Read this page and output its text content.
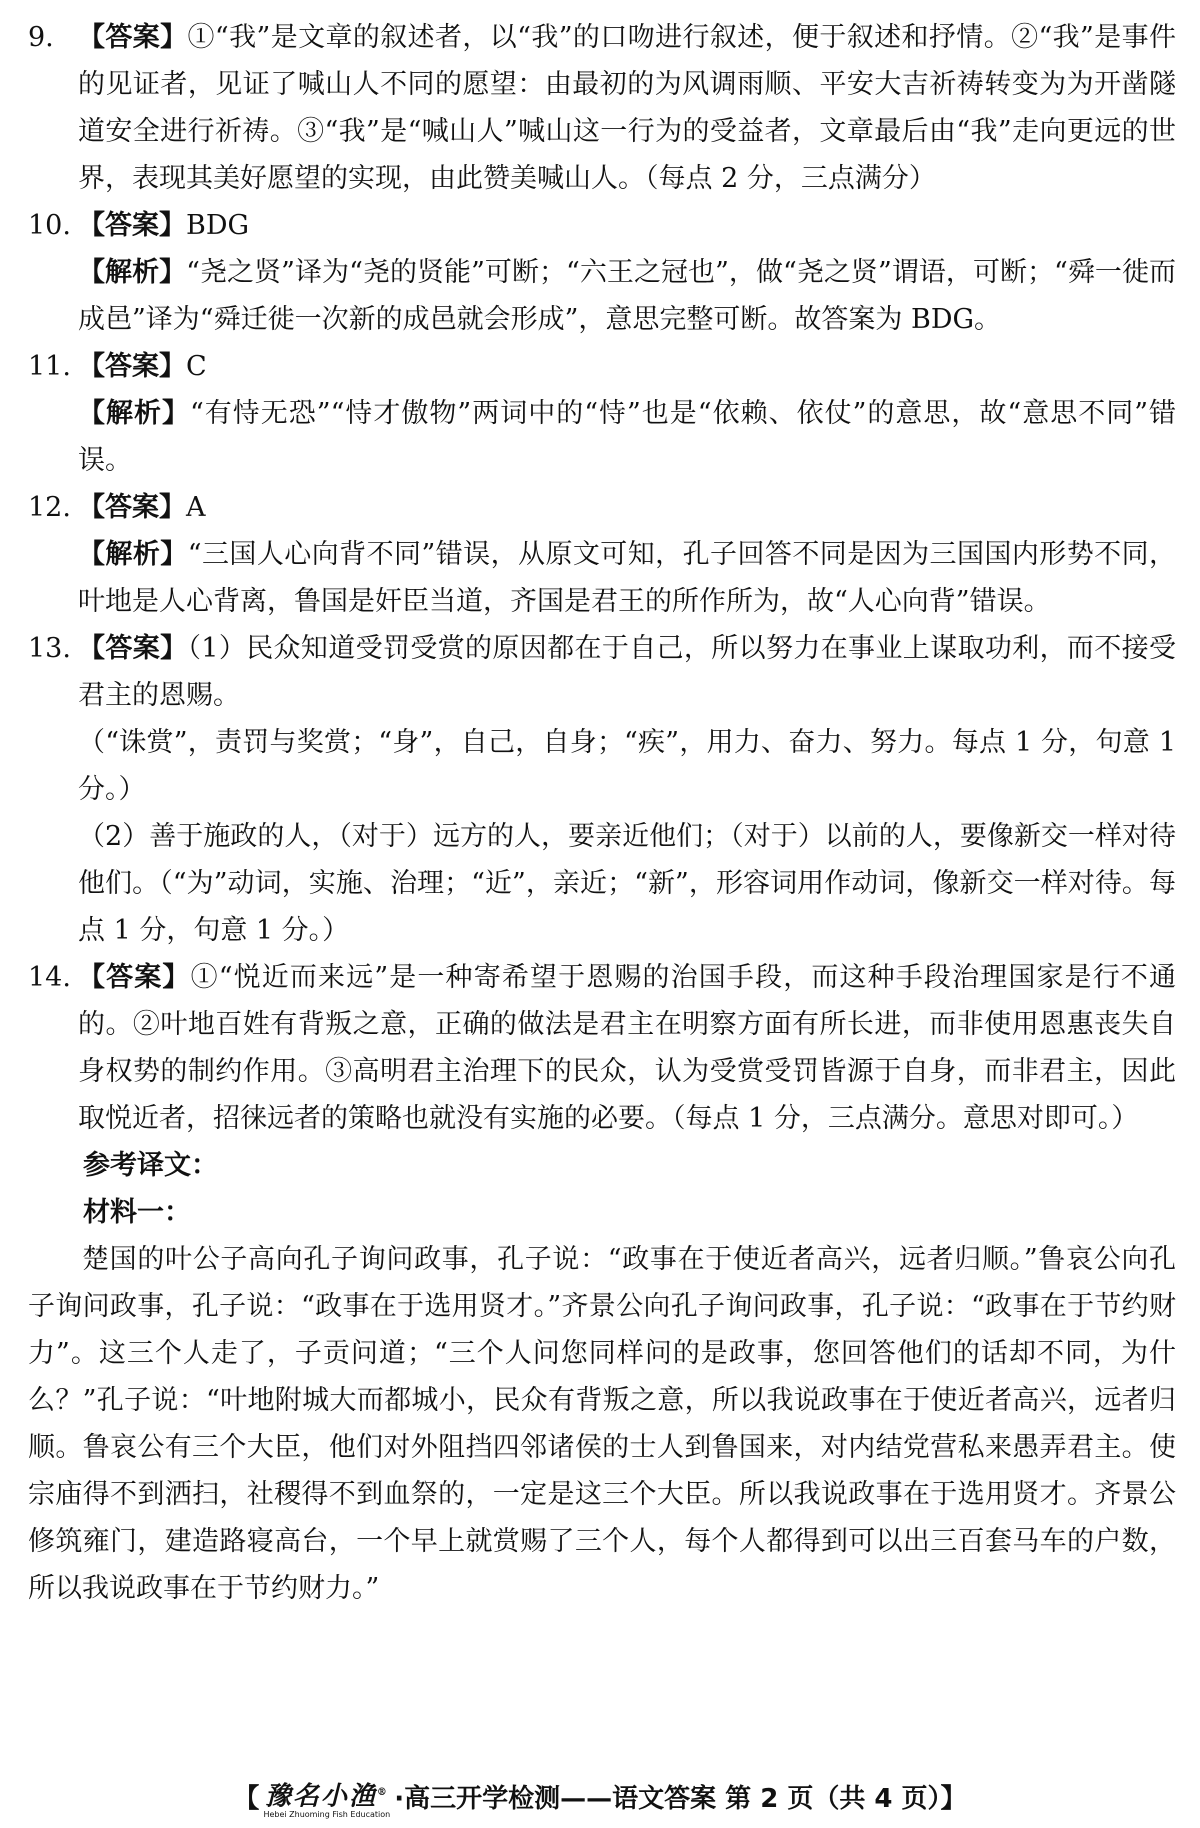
9. 【答案】①“我”是文章的叙述者，以“我”的口吻进行叙述，便于叙述和抒情。②“我”是事件的见证者，见证了喊山人不同的愿望：由最初的为风调雨顺、平安大吉祈祷转变为为开凿隧道安全进行祈祷。③“我”是“喊山人”喊山这一行为的受益者，文章最后由“我”走向更远的世界，表现其美好愿望的实现，由此赞美喊山人。（每点 2 分，三点满分）
10. 【答案】BDG
【解析】“尧之贤”译为“尧的贤能”可断；“六王之冠也”，做“尧之贤”谓语，可断；“舜一徙而成邑”译为“舜迁徙一次新的成邑就会形成”，意思完整可断。故答案为 BDG。
11. 【答案】C
【解析】“有恃无恐”“恃才傲物”两词中的“恃”也是“依赖、依仗”的意思，故“意思不同”错误。
12. 【答案】A
【解析】“三国人心向背不同”错误，从原文可知，孔子回答不同是因为三国国内形势不同，叶地是人心背离，鲁国是奸臣当道，齐国是君王的所作所为，故“人心向背”错误。
13. 【答案】（1）民众知道受罚受赏的原因都在于自己，所以努力在事业上谋取功利，而不接受君主的恩赐。
（“诛赏”，责罚与奖赏；“身”，自己，自身；“疾”，用力、奋力、努力。每点 1 分，句意 1 分。）
（2）善于施政的人，（对于）远方的人，要亲近他们；（对于）以前的人，要像新交一样对待他们。（“为”动词，实施、治理；“近”，亲近；“新”，形容词用作动词，像新交一样对待。每点 1 分，句意 1 分。）
14. 【答案】①“悦近而来远”是一种寄希望于恩赐的治国手段，而这种手段治理国家是行不通的。②叶地百姓有背叛之意，正确的做法是君主在明察方面有所长进，而非使用恩惠丧失自身权势的制约作用。③高明君主治理下的民众，认为受赏受罚皆源于自身，而非君主，因此取悦近者，招徕远者的策略也就没有实施的必要。（每点 1 分，三点满分。意思对即可。）
参考译文：
材料一：
楚国的叶公子高向孔子询问政事，孔子说：“政事在于使近者高兴，远者归顺。”鲁哀公向孔子询问政事，孔子说：“政事在于选用贤才。”齐景公向孔子询问政事，孔子说：“政事在于节约财力”。这三个人走了，子贡问道；“三个人问您同样问的是政事，您回答他们的话却不同，为什么？”孔子说：“叶地附城大而都城小，民众有背叛之意，所以我说政事在于使近者高兴，远者归顺。鲁哀公有三个大臣，他们对外阻挡四邻诸侯的士人到鲁国来，对内结党营私来愚弄君主。使宗庙得不到洒扫，社稷得不到血祭的，一定是这三个大臣。所以我说政事在于选用贤才。齐景公修筑雍门，建造路寝高台，一个早上就赏赐了三个人，每个人都得到可以出三百套马车的户数，所以我说政事在于节约财力。”
【 豫名小渔®
Hebei Zhuoming Fish Education
·高三开学检测——语文答案 第 2 页（共 4 页）】
